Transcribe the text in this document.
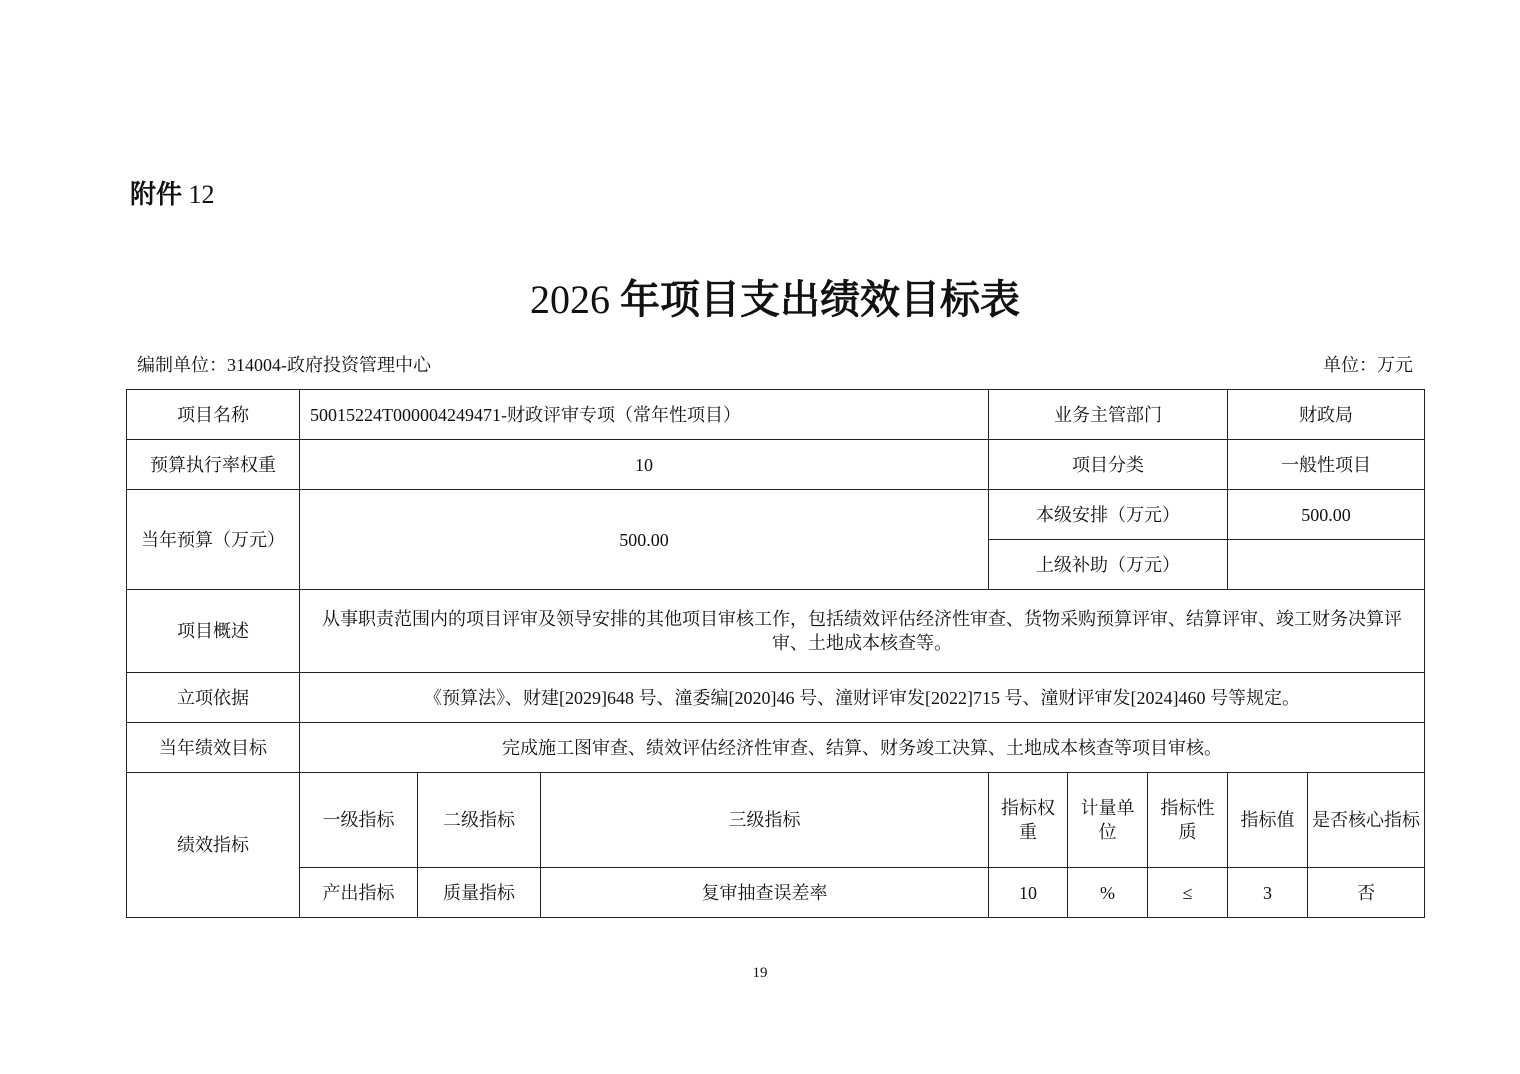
附件 12
2026 年项目支出绩效目标表
编制单位：314004-政府投资管理中心	单位：万元
项目名称	50015224T000004249471-财政评审专项（常年性项目）			业务主管部门			财政局	
预算执行率权重	10			项目分类			一般性项目	
当年预算（万元）	500.00			本级安排（万元）			500.00	
				上级补助（万元）				
项目概述	从事职责范围内的项目评审及领导安排的其他项目审核工作，包括绩效评估经济性审查、货物采购预算评审、结算评审、竣工财务决算评审、土地成本核查等。							
立项依据	《预算法》、财建[2029]648 号、潼委编[2020]46 号、潼财评审发[2022]715 号、潼财评审发[2024]460 号等规定。							
当年绩效目标	完成施工图审查、绩效评估经济性审查、结算、财务竣工决算、土地成本核查等项目审核。							
绩效指标	一级指标	二级指标	三级指标	指标权重	计量单位	指标性质	指标值	是否核心指标
	产出指标	质量指标	复审抽查误差率	10	%	≤	3	否
19
